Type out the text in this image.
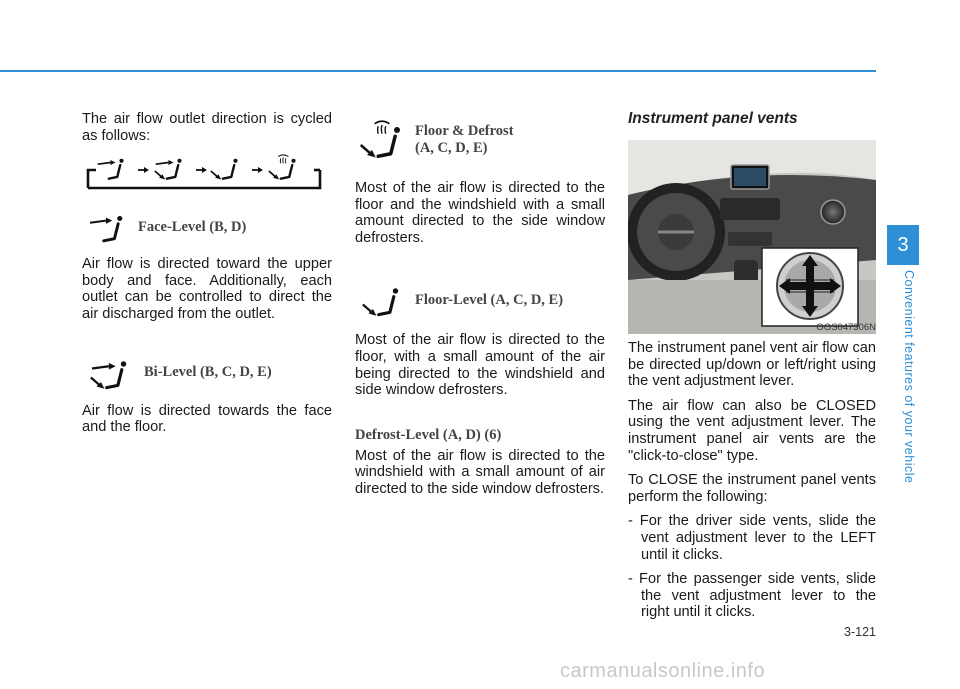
The air flow outlet direction is cycled as follows:

Face-Level (B, D)

Air flow is directed toward the upper body and face. Additionally, each outlet can be controlled to direct the air discharged from the outlet.

Bi-Level (B, C, D, E)

Air flow is directed towards the face and the floor.

Floor & Defrost
(A, C, D, E)

Most of the air flow is directed to the floor and the windshield with a small amount directed to the side window defrosters.

Floor-Level (A, C, D, E)

Most of the air flow is directed to the floor, with a small amount of the air being directed to the windshield and side window defrosters.

Defrost-Level (A, D) (6)

Most of the air flow is directed to the windshield with a small amount of air directed to the side window defrosters.

Instrument panel vents
OOS047306N

The instrument panel vent air flow can be directed up/down or left/right using the vent adjustment lever.

The air flow can also be CLOSED using the vent adjustment lever. The instrument panel air vents are the "click-to-close" type.

To CLOSE the instrument panel vents perform the following:

- For the driver side vents, slide the vent adjustment lever to the LEFT until it clicks.

- For the passenger side vents, slide the vent adjustment lever to the right until it clicks.

3
Convenient features of your vehicle
3-121
carmanualsonline.info
